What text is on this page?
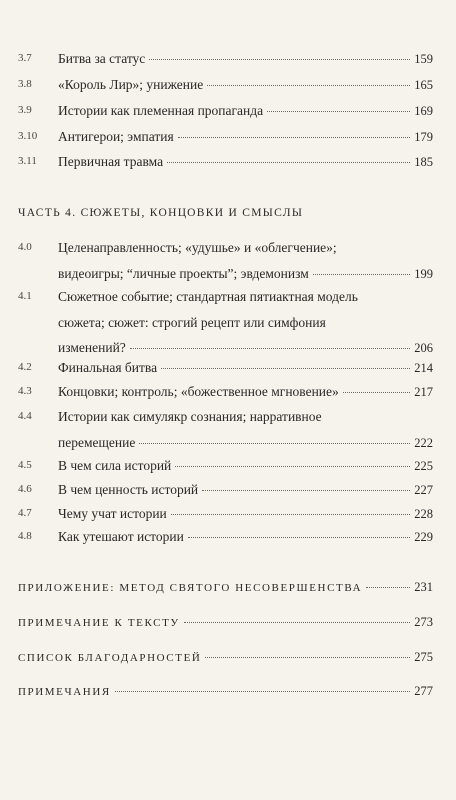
3.7 Битва за статус	159
3.8 «Король Лир»; унижение	165
3.9 Истории как племенная пропаганда	169
3.10 Антигерои; эмпатия	179
3.11 Первичная травма	185
ЧАСТЬ 4. СЮЖЕТЫ, КОНЦОВКИ И СМЫСЛЫ
4.0 Целенаправленность; «удушье» и «облегчение»;
видеоигры; “личные проекты”; эвдемонизм	199
4.1 Сюжетное событие; стандартная пятиактная модель
сюжета; сюжет: строгий рецепт или симфония
изменений?	206
4.2 Финальная битва	214
4.3 Концовки; контроль; «божественное мгновение»	217
4.4 Истории как симулякр сознания; нарративное
перемещение	222
4.5 В чем сила историй	225
4.6 В чем ценность историй	227
4.7 Чему учат истории	228
4.8 Как утешают истории	229
ПРИЛОЖЕНИЕ: МЕТОД СВЯТОГО НЕСОВЕРШЕНСТВА	231
ПРИМЕЧАНИЕ К ТЕКСТУ	273
СПИСОК БЛАГОДАРНОСТЕЙ	275
ПРИМЕЧАНИЯ	277
